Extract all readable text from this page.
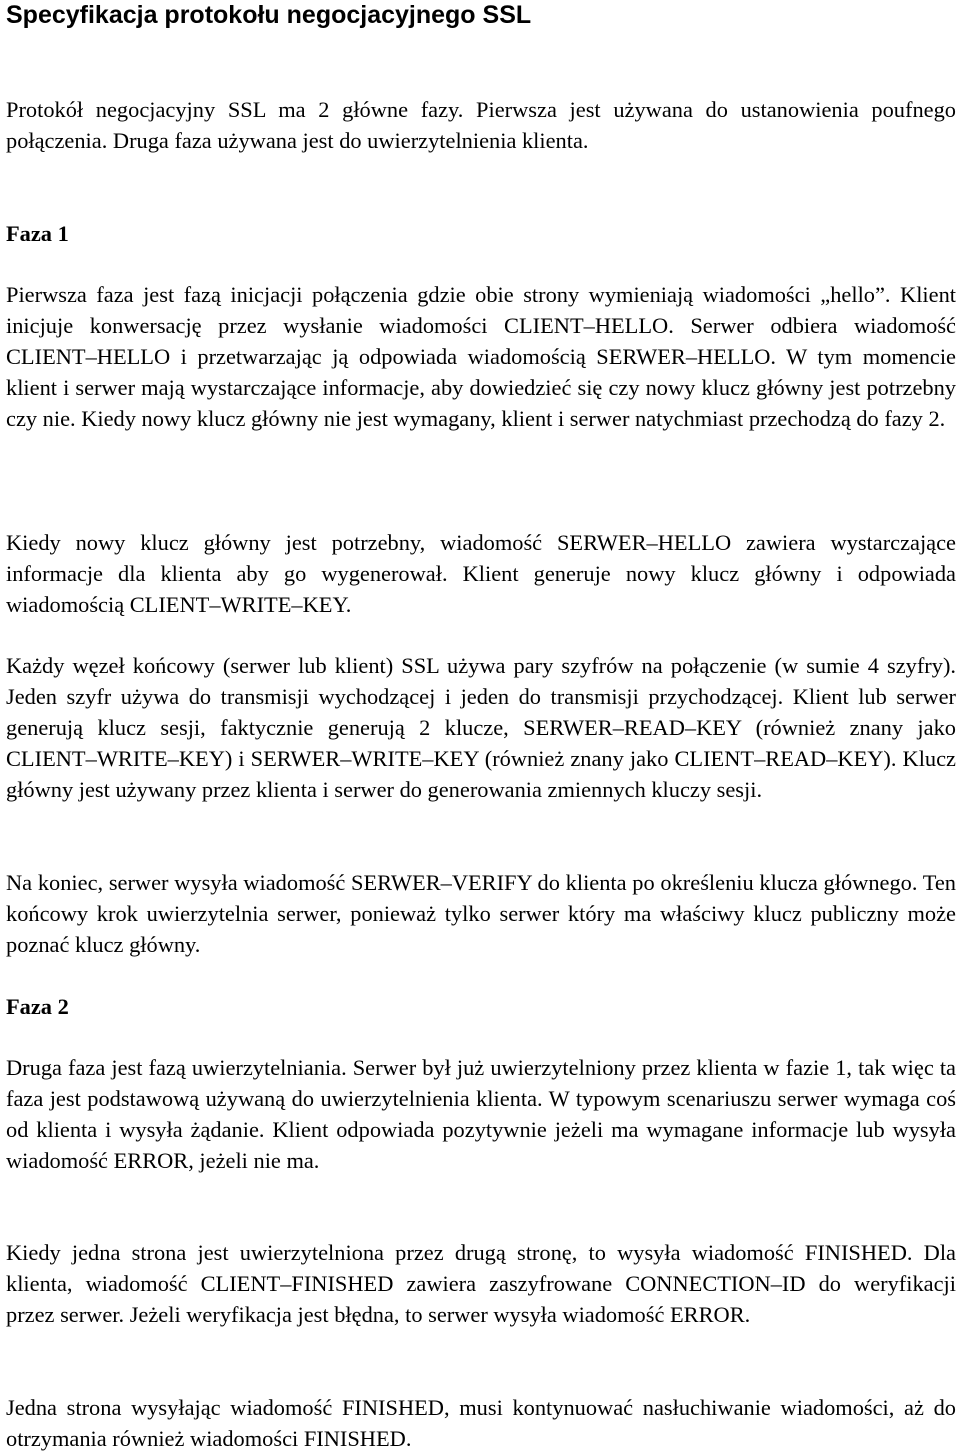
Specyfikacja protokołu negocjacyjnego SSL

Protokół negocjacyjny SSL ma 2 główne fazy. Pierwsza jest używana do ustanowienia poufnego połączenia. Druga faza używana jest do uwierzytelnienia klienta.

Faza 1

Pierwsza faza jest fazą inicjacji połączenia gdzie obie strony wymieniają wiadomości „hello”. Klient inicjuje konwersację przez wysłanie wiadomości CLIENT–HELLO. Serwer odbiera wiadomość CLIENT–HELLO i przetwarzając ją odpowiada wiadomością SERWER–HELLO. W tym momencie klient i serwer mają wystarczające informacje, aby dowiedzieć się czy nowy klucz główny jest potrzebny czy nie. Kiedy nowy klucz główny nie jest wymagany, klient i serwer natychmiast przechodzą do fazy 2.

Kiedy nowy klucz główny jest potrzebny, wiadomość SERWER–HELLO zawiera wystarczające informacje dla klienta aby go wygenerował. Klient generuje nowy klucz główny i odpowiada wiadomością CLIENT–WRITE–KEY.

Każdy węzeł końcowy (serwer lub klient) SSL używa pary szyfrów na połączenie (w sumie 4 szyfry). Jeden szyfr używa do transmisji wychodzącej i jeden do transmisji przychodzącej. Klient lub serwer generują klucz sesji, faktycznie generują 2 klucze, SERWER–READ–KEY (również znany jako CLIENT–WRITE–KEY) i SERWER–WRITE–KEY (również znany jako CLIENT–READ–KEY). Klucz główny jest używany przez klienta i serwer do generowania zmiennych kluczy sesji.

Na koniec, serwer wysyła wiadomość SERWER–VERIFY do klienta po określeniu klucza głównego. Ten końcowy krok uwierzytelnia serwer, ponieważ tylko serwer który ma właściwy klucz publiczny może poznać klucz główny.

Faza 2

Druga faza jest fazą uwierzytelniania. Serwer był już uwierzytelniony przez klienta w fazie 1, tak więc ta faza jest podstawową używaną do uwierzytelnienia klienta. W typowym scenariuszu serwer wymaga coś od klienta i wysyła żądanie. Klient odpowiada pozytywnie jeżeli ma wymagane informacje lub wysyła wiadomość ERROR, jeżeli nie ma.

Kiedy jedna strona jest uwierzytelniona przez drugą stronę, to wysyła wiadomość FINISHED. Dla klienta, wiadomość CLIENT–FINISHED zawiera zaszyfrowane CONNECTION–ID do weryfikacji przez serwer. Jeżeli weryfikacja jest błędna, to serwer wysyła wiadomość ERROR.

Jedna strona wysyłając wiadomość FINISHED, musi kontynuować nasłuchiwanie wiadomości, aż do otrzymania również wiadomości FINISHED.
